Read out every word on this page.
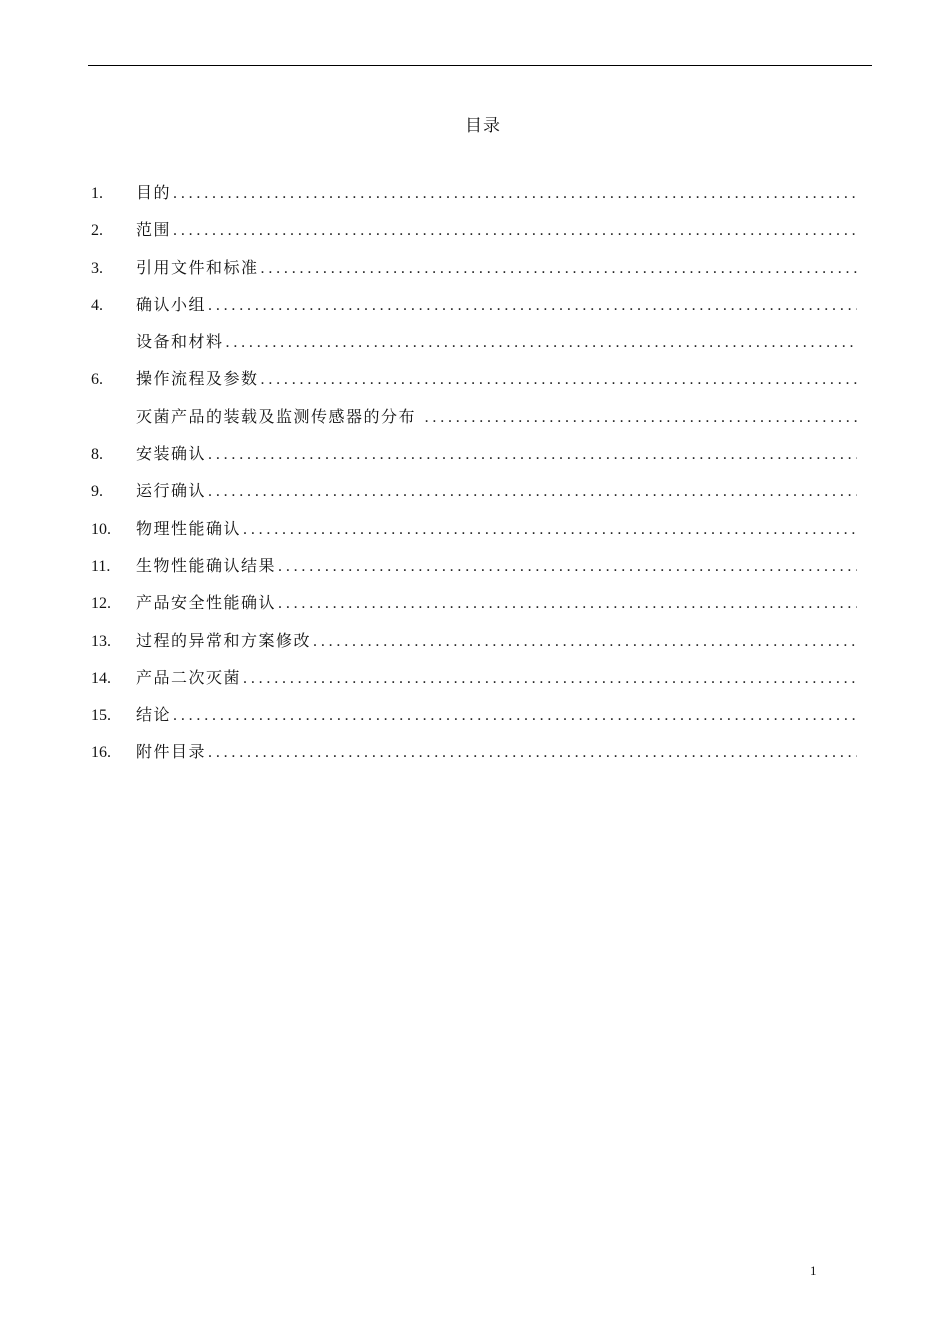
目录
1.	目的
.....
2.	范围
.....
3.	引用文件和标准
.....
4.	确认小组
.....
设备和材料
.....
6.	操作流程及参数
.....
灭菌产品的装载及监测传感器的分布
.....
8.	安装确认
.....
9.	运行确认
.....
10.	物理性能确认
.....
11.	生物性能确认结果
.....
12.	产品安全性能确认
.....
13.	过程的异常和方案修改
.....
14.	产品二次灭菌
.....
15.	结论
.....
16.	附件目录
.....
1
